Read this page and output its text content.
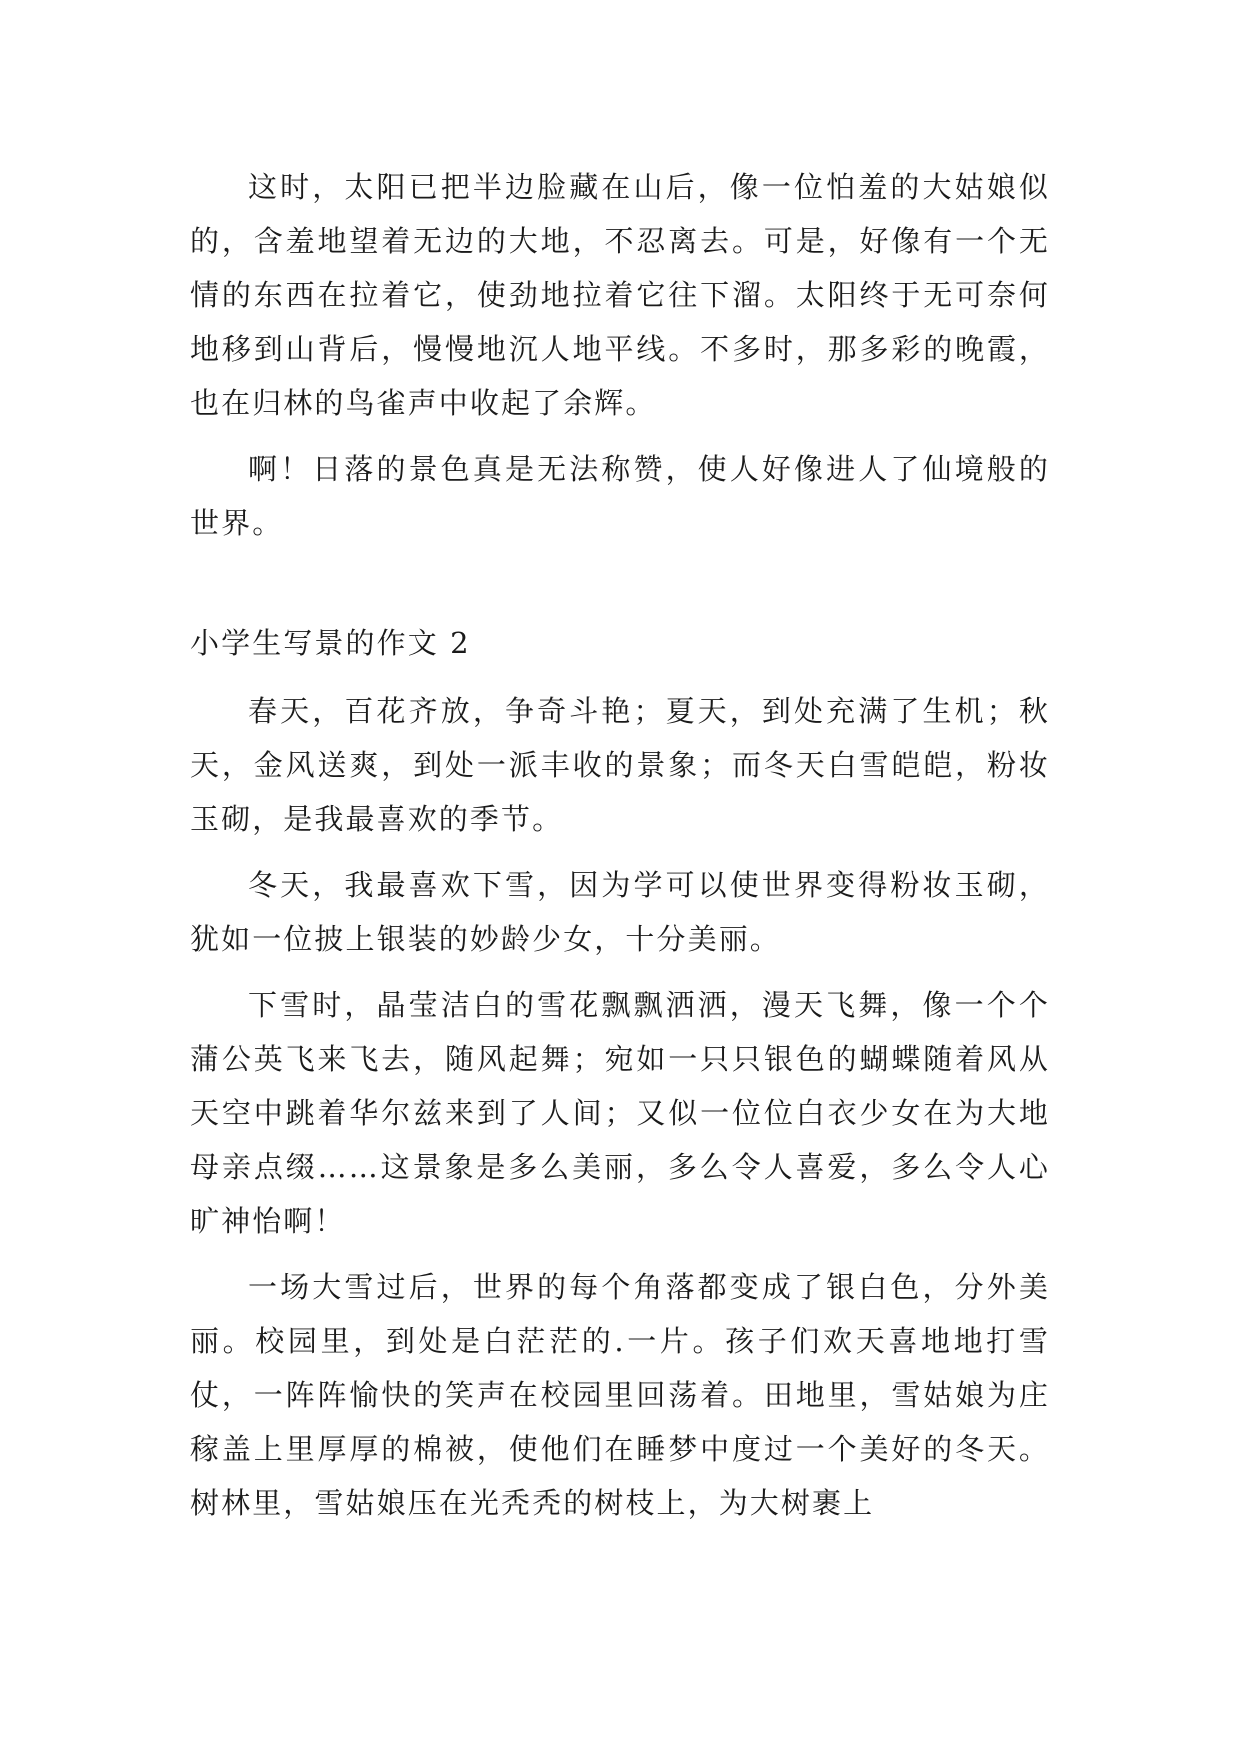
这时，太阳已把半边脸藏在山后，像一位怕羞的大姑娘似的，含羞地望着无边的大地，不忍离去。可是，好像有一个无情的东西在拉着它，使劲地拉着它往下溜。太阳终于无可奈何地移到山背后，慢慢地沉人地平线。不多时，那多彩的晚霞，也在归林的鸟雀声中收起了余辉。

啊！日落的景色真是无法称赞，使人好像进人了仙境般的世界。

小学生写景的作文 2

春天，百花齐放，争奇斗艳；夏天，到处充满了生机；秋天，金风送爽，到处一派丰收的景象；而冬天白雪皑皑，粉妆玉砌，是我最喜欢的季节。

冬天，我最喜欢下雪，因为学可以使世界变得粉妆玉砌，犹如一位披上银装的妙龄少女，十分美丽。

下雪时，晶莹洁白的雪花飘飘洒洒，漫天飞舞，像一个个蒲公英飞来飞去，随风起舞；宛如一只只银色的蝴蝶随着风从天空中跳着华尔兹来到了人间；又似一位位白衣少女在为大地母亲点缀……这景象是多么美丽，多么令人喜爱，多么令人心旷神怡啊！

一场大雪过后，世界的每个角落都变成了银白色，分外美丽。校园里，到处是白茫茫的.一片。孩子们欢天喜地地打雪仗，一阵阵愉快的笑声在校园里回荡着。田地里，雪姑娘为庄稼盖上里厚厚的棉被，使他们在睡梦中度过一个美好的冬天。树林里，雪姑娘压在光秃秃的树枝上，为大树裹上
